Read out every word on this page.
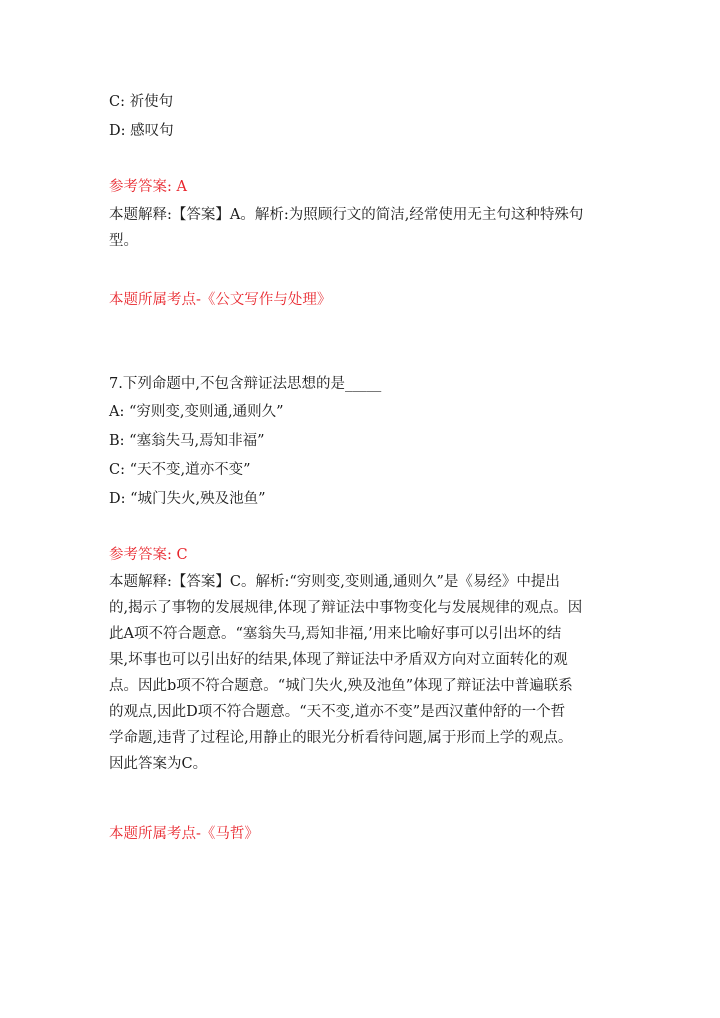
C: 祈使句
D: 感叹句
参考答案: A
本题解释:【答案】A。解析:为照顾行文的简洁,经常使用无主句这种特殊句
型。
本题所属考点-《公文写作与处理》
7.下列命题中,不包含辩证法思想的是_____
A: “穷则变,变则通,通则久”
B: “塞翁失马,焉知非福”
C: “天不变,道亦不变”
D: “城门失火,殃及池鱼”
参考答案: C
本题解释:【答案】C。解析:“穷则变,变则通,通则久”是《易经》中提出
的,揭示了事物的发展规律,体现了辩证法中事物变化与发展规律的观点。因
此A项不符合题意。“塞翁失马,焉知非福,’用来比喻好事可以引出坏的结
果,坏事也可以引出好的结果,体现了辩证法中矛盾双方向对立面转化的观
点。因此b项不符合题意。“城门失火,殃及池鱼”体现了辩证法中普遍联系
的观点,因此D项不符合题意。“天不变,道亦不变”是西汉董仲舒的一个哲
学命题,违背了过程论,用静止的眼光分析看待问题,属于形而上学的观点。
因此答案为C。
本题所属考点-《马哲》
